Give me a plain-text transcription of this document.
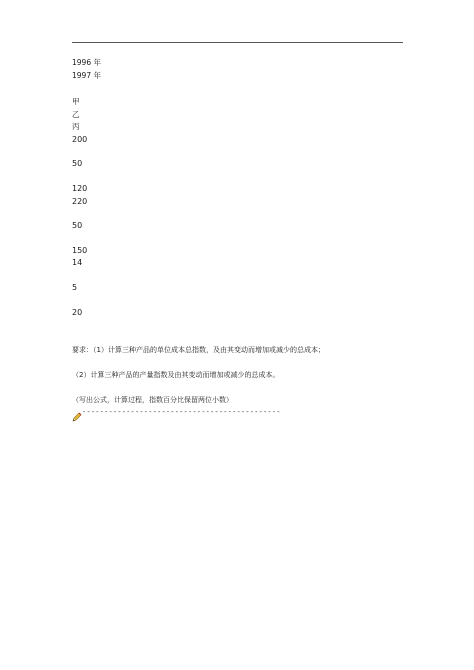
1996 年
1997 年
甲
乙
丙
200
50
120
220
50
150
14
5
20
要求：（1）计算三种产品的单位成本总指数，及由其变动而增加或减少的总成本；
（2）计算三种产品的产量指数及由其变动而增加或减少的总成本。
（写出公式，计算过程，指数百分比保留两位小数）
---------------------------------------------
